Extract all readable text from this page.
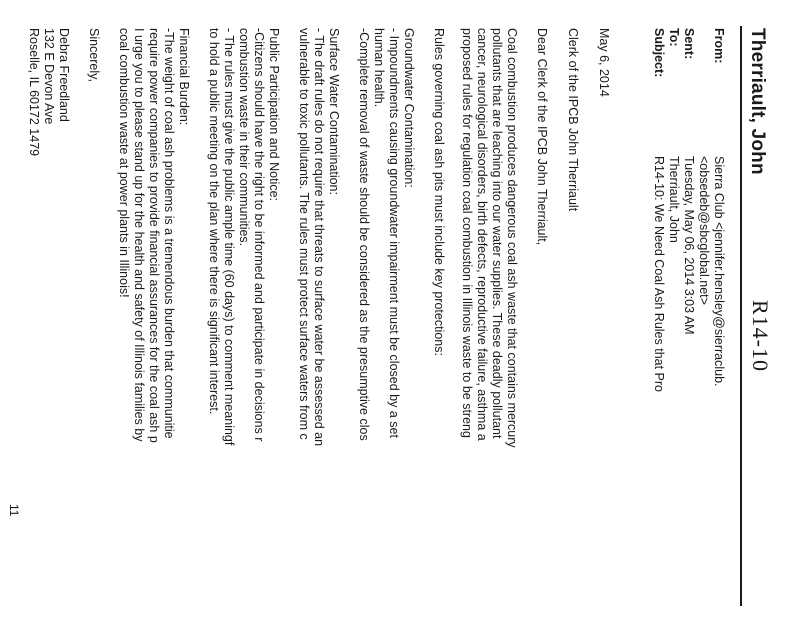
Therriault, John
R14-10
From:
Sierra Club <jennifer.hensley@sierraclub.
<obsedeb@sbcglobal.net>
Sent:
Tuesday, May 06, 2014 3:03 AM
To:
Therriault, John
Subject:
R14-10: We Need Coal Ash Rules that Pro
May 6, 2014
Clerk of the IPCB John Therriault
Dear Clerk of the IPCB John Therriault,
Coal combustion produces dangerous coal ash waste that contains mercury
pollutants that are leaching into our water supplies. These deadly pollutant
cancer, neurological disorders, birth defects, reproductive failure, asthma a
proposed rules for regulation coal combustion in Illinois waste to be streng
Rules governing coal ash pits must include key protections:
Groundwater Contamination:
- Impoundments causing groundwater impairment must be closed by a set
human health.
-Complete removal of waste should be considered as the presumptive clos
Surface Water Contamination:
- The draft rules do not require that threats to surface water be assessed an
vulnerable to toxic pollutants. The rules must protect surface waters from c
Public Participation and Notice:
-Citizens should have the right to be informed and participate in decisions r
combustion waste in their communities.
- The rules must give the public ample time (60 days) to comment meaningf
to hold a public meeting on the plan where there is significant interest.
Financial Burden:
-The weight of coal ash problems is a tremendous burden that communitie
require power companies to provide financial assurances for the coal ash p
I urge you to please stand up for the health and safety of Illinois families by
coal combustion waste at power plants in Illinois!
Sincerely,
Debra Freedland
132 E Devon Ave
Roselle, IL 60172 1479
11
